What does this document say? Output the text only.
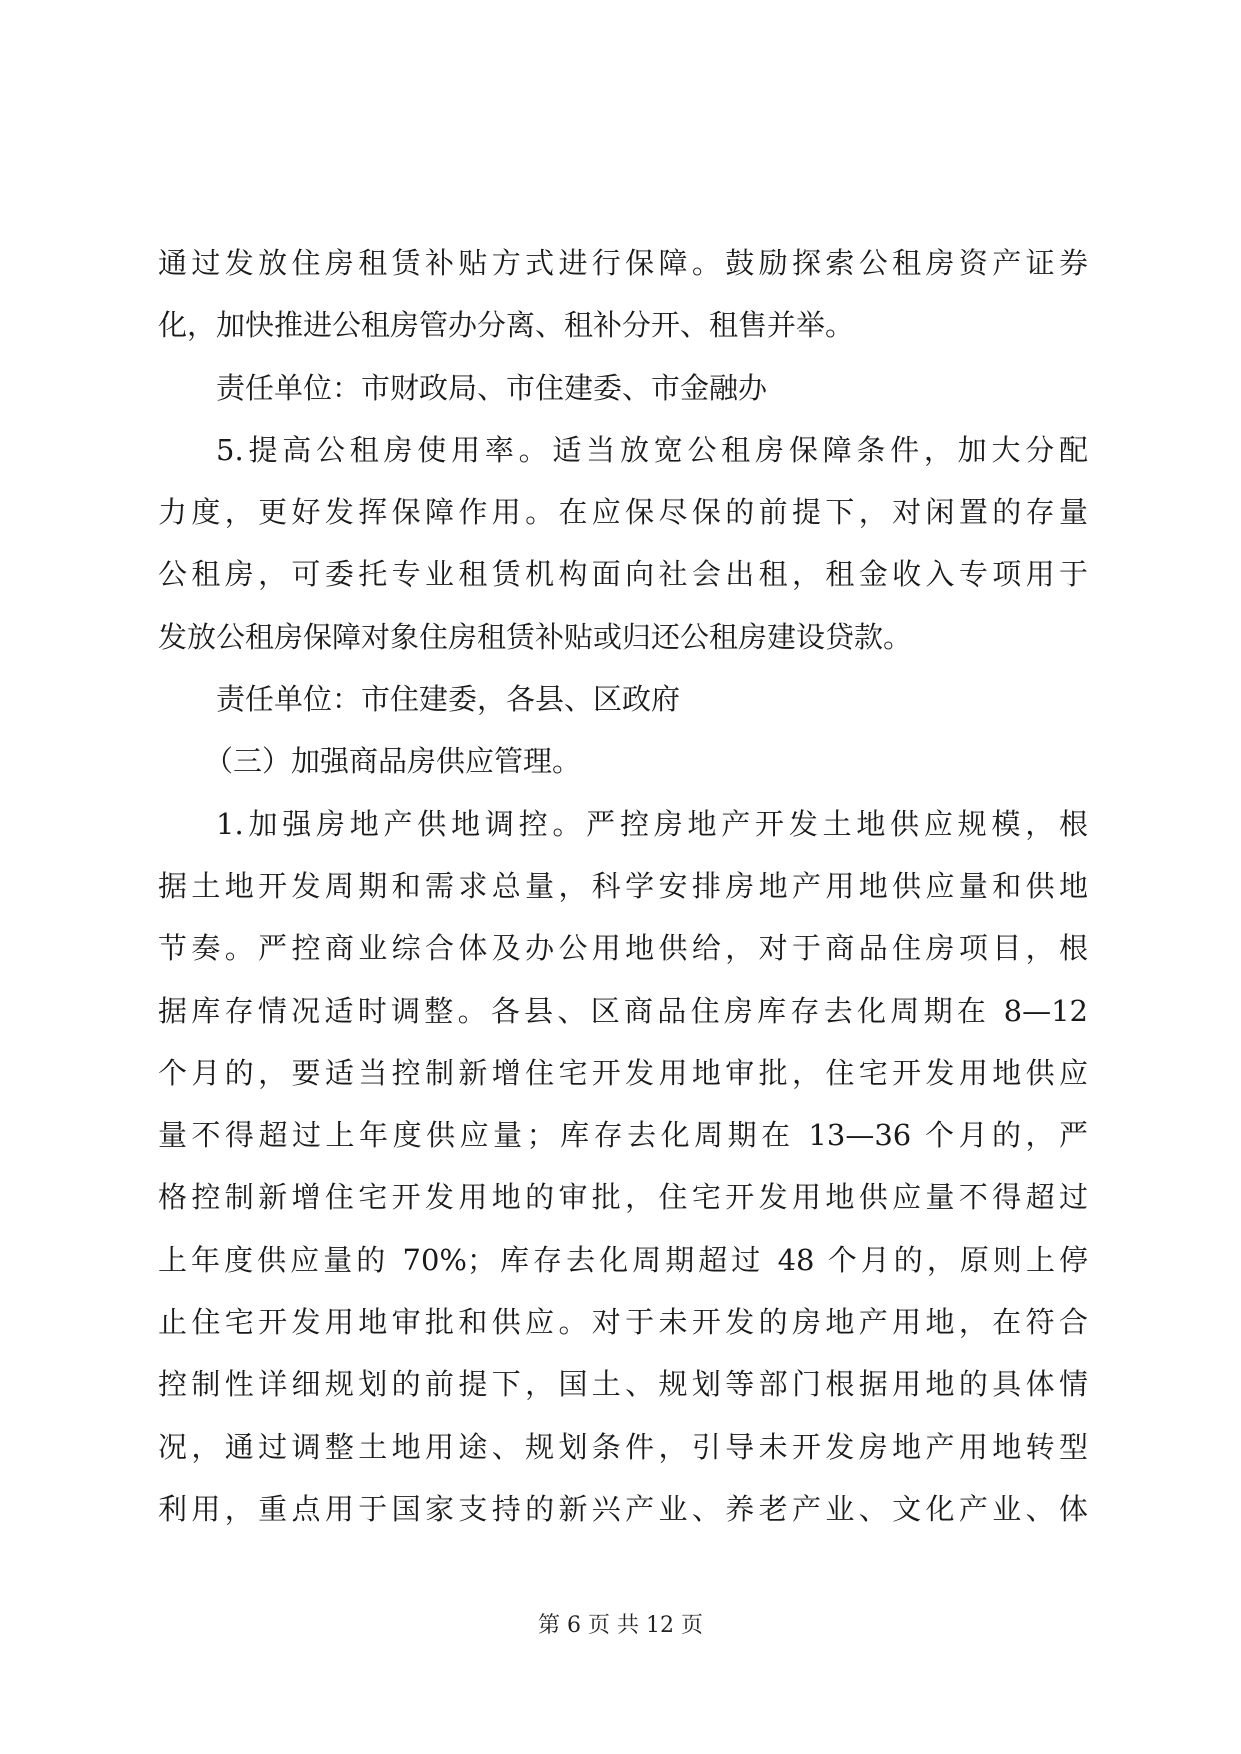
通过发放住房租赁补贴方式进行保障。鼓励探索公租房资产证券
化，加快推进公租房管办分离、租补分开、租售并举。
责任单位：市财政局、市住建委、市金融办
5.提高公租房使用率。适当放宽公租房保障条件，加大分配
力度，更好发挥保障作用。在应保尽保的前提下，对闲置的存量
公租房，可委托专业租赁机构面向社会出租，租金收入专项用于
发放公租房保障对象住房租赁补贴或归还公租房建设贷款。
责任单位：市住建委，各县、区政府
（三）加强商品房供应管理。
1.加强房地产供地调控。严控房地产开发土地供应规模，根
据土地开发周期和需求总量，科学安排房地产用地供应量和供地
节奏。严控商业综合体及办公用地供给，对于商品住房项目，根
据库存情况适时调整。各县、区商品住房库存去化周期在 8—12
个月的，要适当控制新增住宅开发用地审批，住宅开发用地供应
量不得超过上年度供应量；库存去化周期在 13—36 个月的，严
格控制新增住宅开发用地的审批，住宅开发用地供应量不得超过
上年度供应量的 70%；库存去化周期超过 48 个月的，原则上停
止住宅开发用地审批和供应。对于未开发的房地产用地，在符合
控制性详细规划的前提下，国土、规划等部门根据用地的具体情
况，通过调整土地用途、规划条件，引导未开发房地产用地转型
利用，重点用于国家支持的新兴产业、养老产业、文化产业、体
第 6 页 共 12 页
